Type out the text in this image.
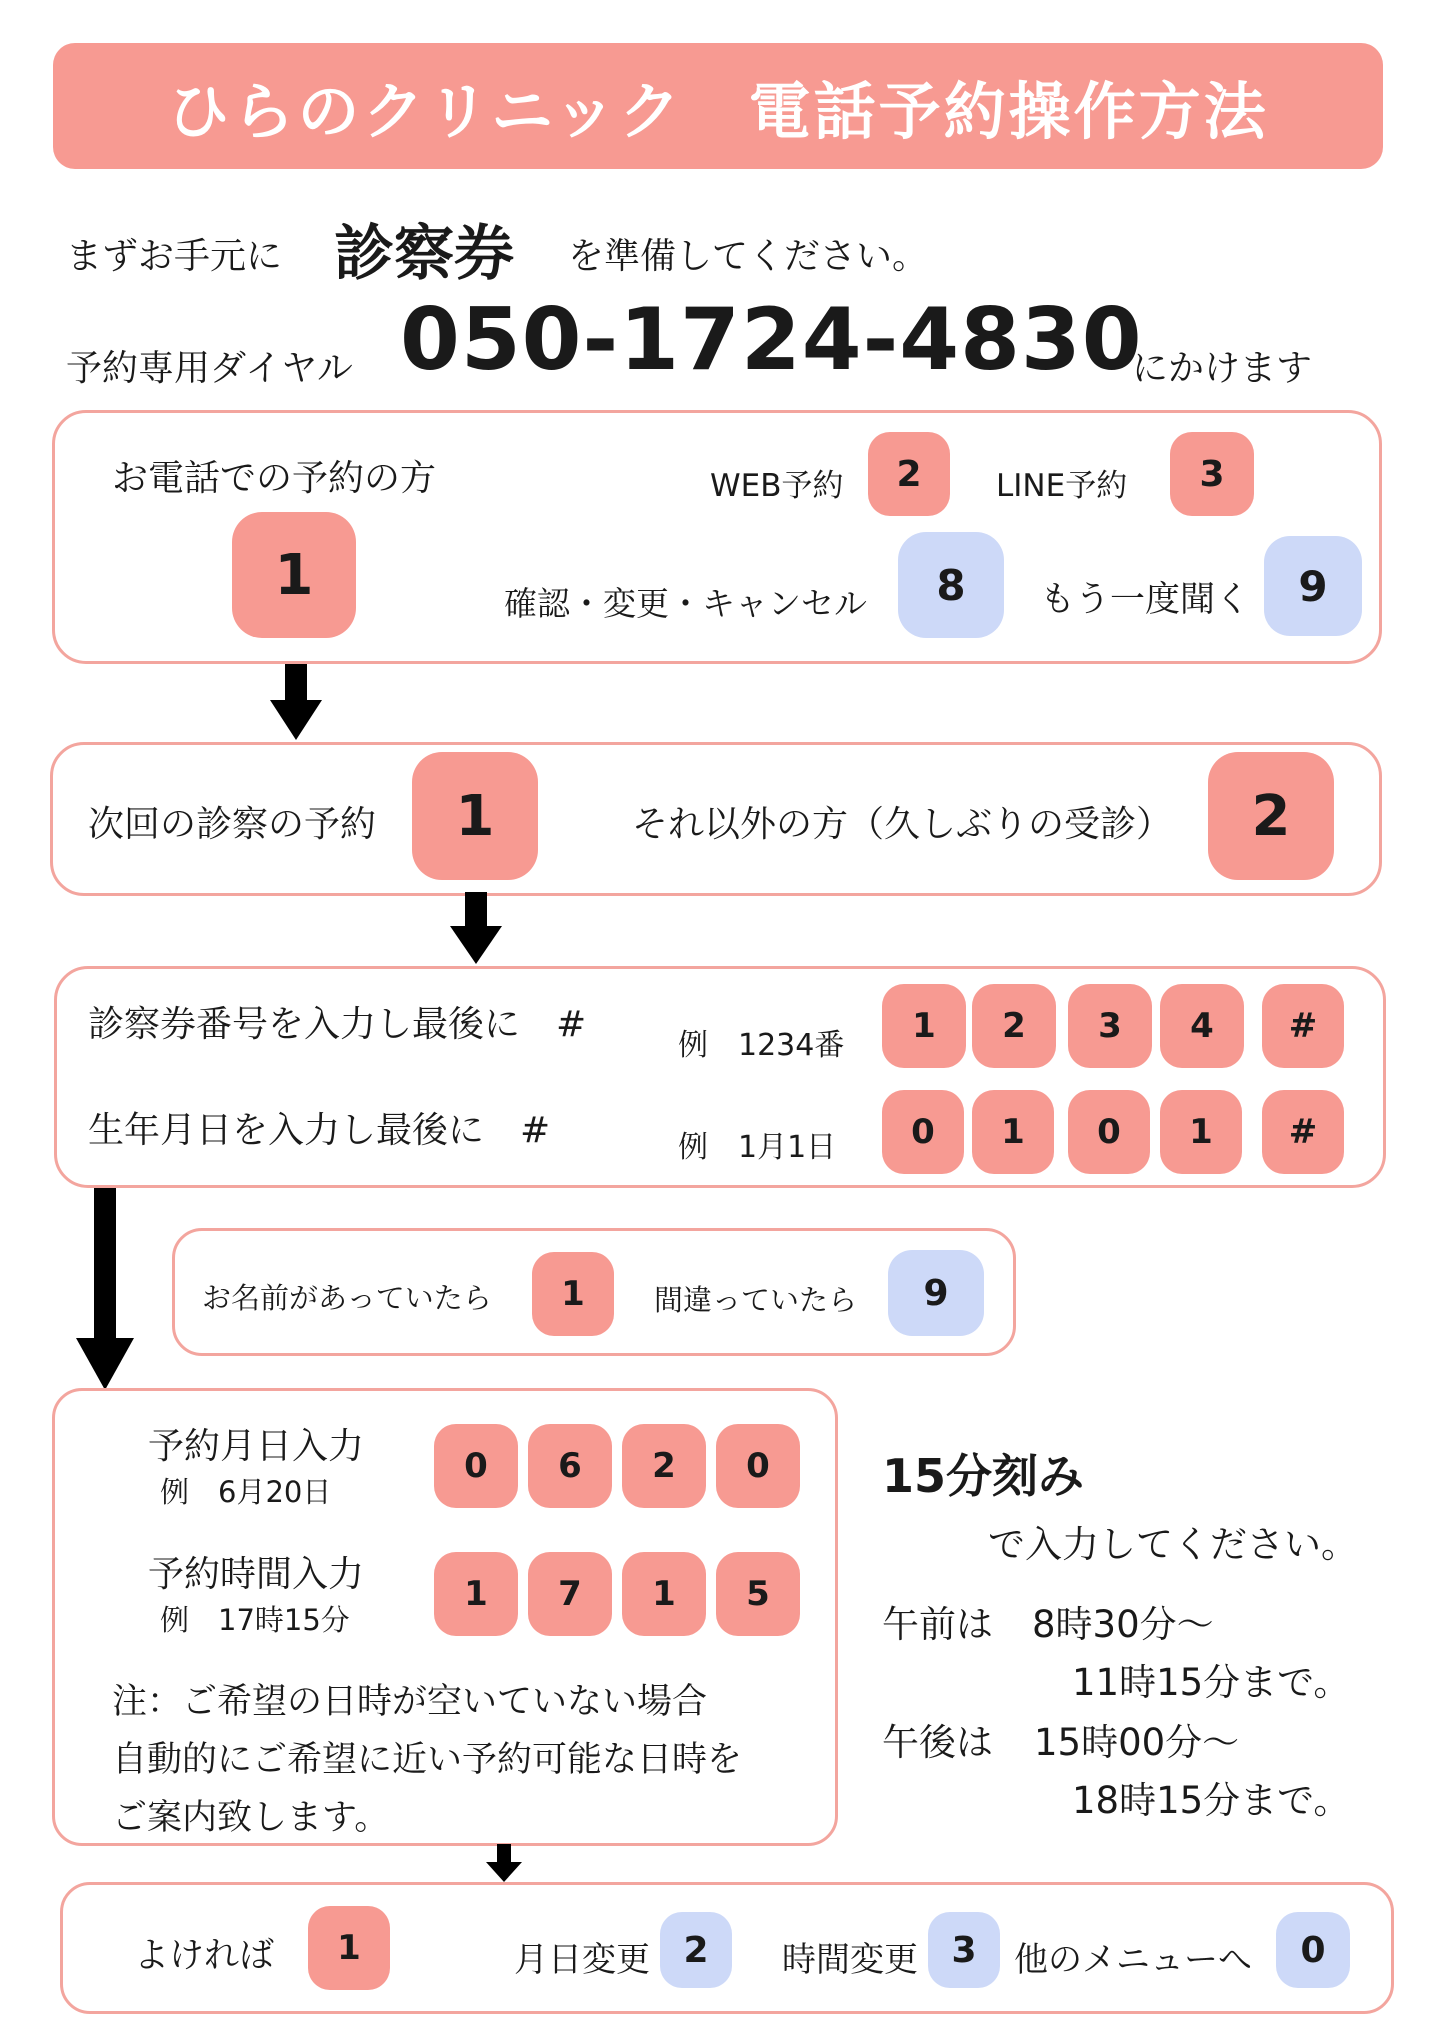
ひらのクリニック　電話予約操作方法
まずお手元に 診察券 を準備してください。
予約専用ダイヤル 050-1724-4830
にかけます
お電話での予約の方
1
WEB予約	2	LINE予約	3
確認・変更・キャンセル	8	もう一度聞く	9
次回の診察の予約	1	それ以外の方（久しぶりの受診）	2
診察券番号を入力し最後に　#
例　1234番	1	2	3	4	#
生年月日を入力し最後に　#	例　1月1日	0	1	0	1	#
お名前があっていたら	1	間違っていたら	9
予約月日入力
例　6月20日
0	6	2	0
予約時間入力
例　17時15分
1	7	1	5
注：ご希望の日時が空いていない場合
自動的にご希望に近い予約可能な日時を
ご案内致します。
15分刻み
で入力してください。
午前は 8時30分〜
11時15分まで。
午後は 15時00分〜
18時15分まで。
よければ	1	月日変更 2	時間変更 3	他のメニューへ	0
